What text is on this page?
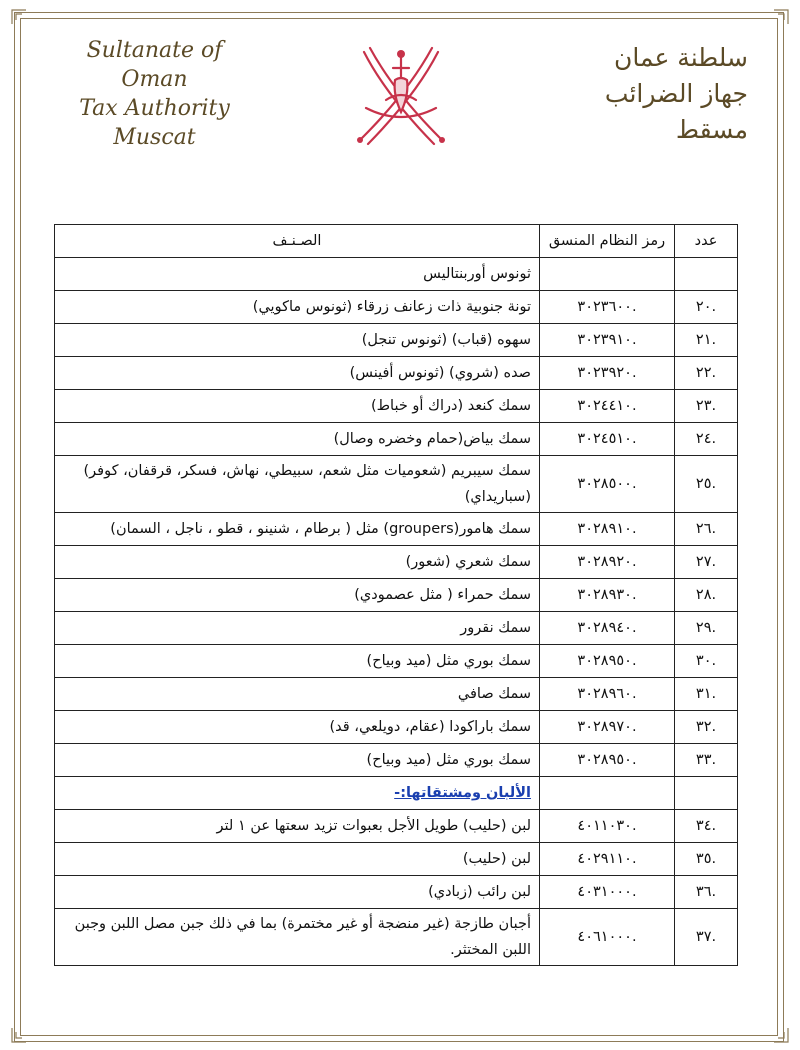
Sultanate of Oman
Tax Authority
Muscat
سلطنة عمان
جهاز الضرائب
مسقط
عدد	رمز النظام المنسق	الصـنـف
		ثونوس أوربنتاليس
.٢٠	.٣٠٢٣٦٠٠	تونة جنوبية ذات زعانف زرقاء (ثونوس ماكويي)
.٢١	.٣٠٢٣٩١٠	سهوه (قباب) (ثونوس تنجل)
.٢٢	.٣٠٢٣٩٢٠	صده (شروي) (ثونوس أفينس)
.٢٣	.٣٠٢٤٤١٠	سمك كنعد (دراك أو خباط)
.٢٤	.٣٠٢٤٥١٠	سمك بياض(حمام وخضره وصال)
.٢٥	.٣٠٢٨٥٠٠	سمك سيبريم (شعوميات مثل شعم، سبيطي، نهاش، فسكر، قرقفان، كوفر) (سباريداي)
.٢٦	.٣٠٢٨٩١٠	سمك هامور(groupers) مثل ( برطام ، شنينو ، قطو ، ناجل ، السمان)
.٢٧	.٣٠٢٨٩٢٠	سمك شعري (شعور)
.٢٨	.٣٠٢٨٩٣٠	سمك حمراء ( مثل عصمودي)
.٢٩	.٣٠٢٨٩٤٠	سمك نقرور
.٣٠	.٣٠٢٨٩٥٠	سمك بوري مثل (ميد وبياح)
.٣١	.٣٠٢٨٩٦٠	سمك صافي
.٣٢	.٣٠٢٨٩٧٠	سمك باراكودا (عقام، دويلعي، قد)
.٣٣	.٣٠٢٨٩٥٠	سمك بوري مثل (ميد وبياح)
		الألبان ومشتقاتها:-
.٣٤	.٤٠١١٠٣٠	لبن (حليب) طويل الأجل بعبوات تزيد سعتها عن ١ لتر
.٣٥	.٤٠٢٩١١٠	لبن (حليب)
.٣٦	.٤٠٣١٠٠٠	لبن رائب (زبادي)
.٣٧	.٤٠٦١٠٠٠	أجبان طازجة (غير منضجة أو غير مختمرة) بما في ذلك جبن مصل اللبن وجبن اللبن المختثر.
